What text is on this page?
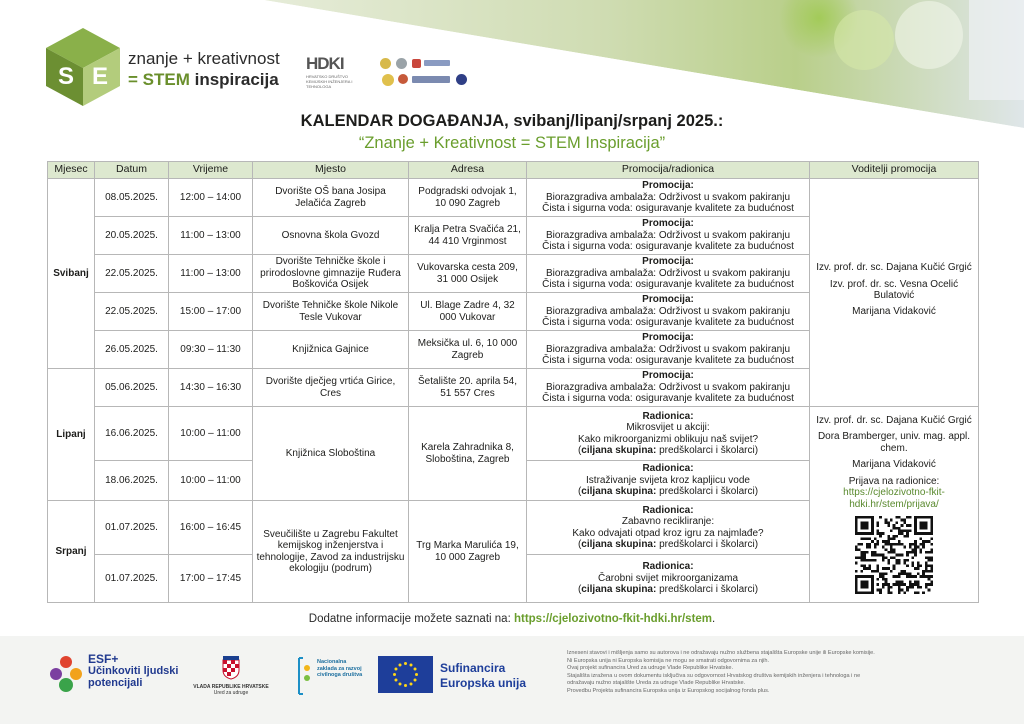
S E
znanje + kreativnost
= STEM inspiracija
HDKI
HRVATSKO DRUŠTVO KEMIJSKIH INŽENJERA I TEHNOLOGA
KALENDAR DOGAĐANJA, svibanj/lipanj/srpanj 2025.:
“Znanje + Kreativnost = STEM Inspiracija”
Mjesec	Datum	Vrijeme	Mjesto	Adresa	Promocija/radionica	Voditelji promocija
Svibanj	08.05.2025.	12:00 – 14:00	Dvorište OŠ bana Josipa Jelačića Zagreb	Podgradski odvojak 1, 10 090 Zagreb	Promocija:
Biorazgradiva ambalaža: Održivost u svakom pakiranju
Čista i sigurna voda: osiguravanje kvalitete za budućnost	Izv. prof. dr. sc. Dajana Kučić Grgić
Izv. prof. dr. sc. Vesna Ocelić Bulatović
Marijana Vidaković

	20.05.2025.	11:00 – 13:00	Osnovna škola Gvozd	Kralja Petra Svačića 21, 44 410 Vrginmost	Promocija:
Biorazgradiva ambalaža: Održivost u svakom pakiranju
Čista i sigurna voda: osiguravanje kvalitete za budućnost	

	22.05.2025.	11:00 – 13:00	Dvorište Tehničke škole i prirodoslovne gimnazije Ruđera Boškovića Osijek	Vukovarska cesta 209, 31 000 Osijek	Promocija:
Biorazgradiva ambalaža: Održivost u svakom pakiranju
Čista i sigurna voda: osiguravanje kvalitete za budućnost	

	22.05.2025.	15:00 – 17:00	Dvorište Tehničke škole Nikole Tesle Vukovar	Ul. Blage Zadre 4, 32 000 Vukovar	Promocija:
Biorazgradiva ambalaža: Održivost u svakom pakiranju
Čista i sigurna voda: osiguravanje kvalitete za budućnost	

	26.05.2025.	09:30 – 11:30	Knjižnica Gajnice	Meksička ul. 6, 10 000 Zagreb	Promocija:
Biorazgradiva ambalaža: Održivost u svakom pakiranju
Čista i sigurna voda: osiguravanje kvalitete za budućnost	

Lipanj	05.06.2025.	14:30 – 16:30	Dvorište dječjeg vrtića Girice, Cres	Šetalište 20. aprila 54, 51 557 Cres	Promocija:
Biorazgradiva ambalaža: Održivost u svakom pakiranju
Čista i sigurna voda: osiguravanje kvalitete za budućnost	

	16.06.2025.	10:00 – 11:00	Knjižnica Sloboština	Karela Zahradnika 8, Sloboština, Zagreb	Radionica:
Mikrosvijet u akciji:
Kako mikroorganizmi oblikuju naš svijet?
(ciljana skupina: predškolarci i školarci)	Izv. prof. dr. sc. Dajana Kučić Grgić
Dora Bramberger, univ. mag. appl. chem.
Marijana Vidaković
Prijava na radionice:
https://cjelozivotno-fkit-hdki.hr/stem/prijava/

	18.06.2025.	10:00 – 11:00			Radionica:
Istraživanje svijeta kroz kapljicu vode
(ciljana skupina: predškolarci i školarci)	

Srpanj	01.07.2025.	16:00 – 16:45	Sveučilište u Zagrebu Fakultet kemijskog inženjerstva i tehnologije, Zavod za industrijsku ekologiju (podrum)	Trg Marka Marulića 19, 10 000 Zagreb	Radionica:
Zabavno recikliranje:
Kako odvajati otpad kroz igru za najmlađe?
(ciljana skupina: predškolarci i školarci)	

	01.07.2025.	17:00 – 17:45			Radionica:
Čarobni svijet mikroorganizama
(ciljana skupina: predškolarci i školarci)	
Dodatne informacije možete saznati na: https://cjelozivotno-fkit-hdki.hr/stem.
ESF+
Učinkoviti ljudski
potencijali	VLADA REPUBLIKE HRVATSKE
Ured za udruge
Nacionalna zaklada za razvoj civilnoga društva	Sufinancira
Europska unija
Izneseni stavovi i mišljenja samo su autorova i ne odražavaju nužno službena stajališta Europske unije ili Europske komisije.
Ni Europska unija ni Europska komisija ne mogu se smatrati odgovornima za njih.
Ovaj projekt sufinancira Ured za udruge Vlade Republike Hrvatske.
Stajališta izražena u ovom dokumentu isključiva su odgovornost Hrvatskog društva kemijskih inženjera i tehnologa i ne
odražavaju nužno stajalište Ureda za udruge Vlade Republike Hrvatske.
Provedbu Projekta sufinancira Europska unija iz Europskog socijalnog fonda plus.
